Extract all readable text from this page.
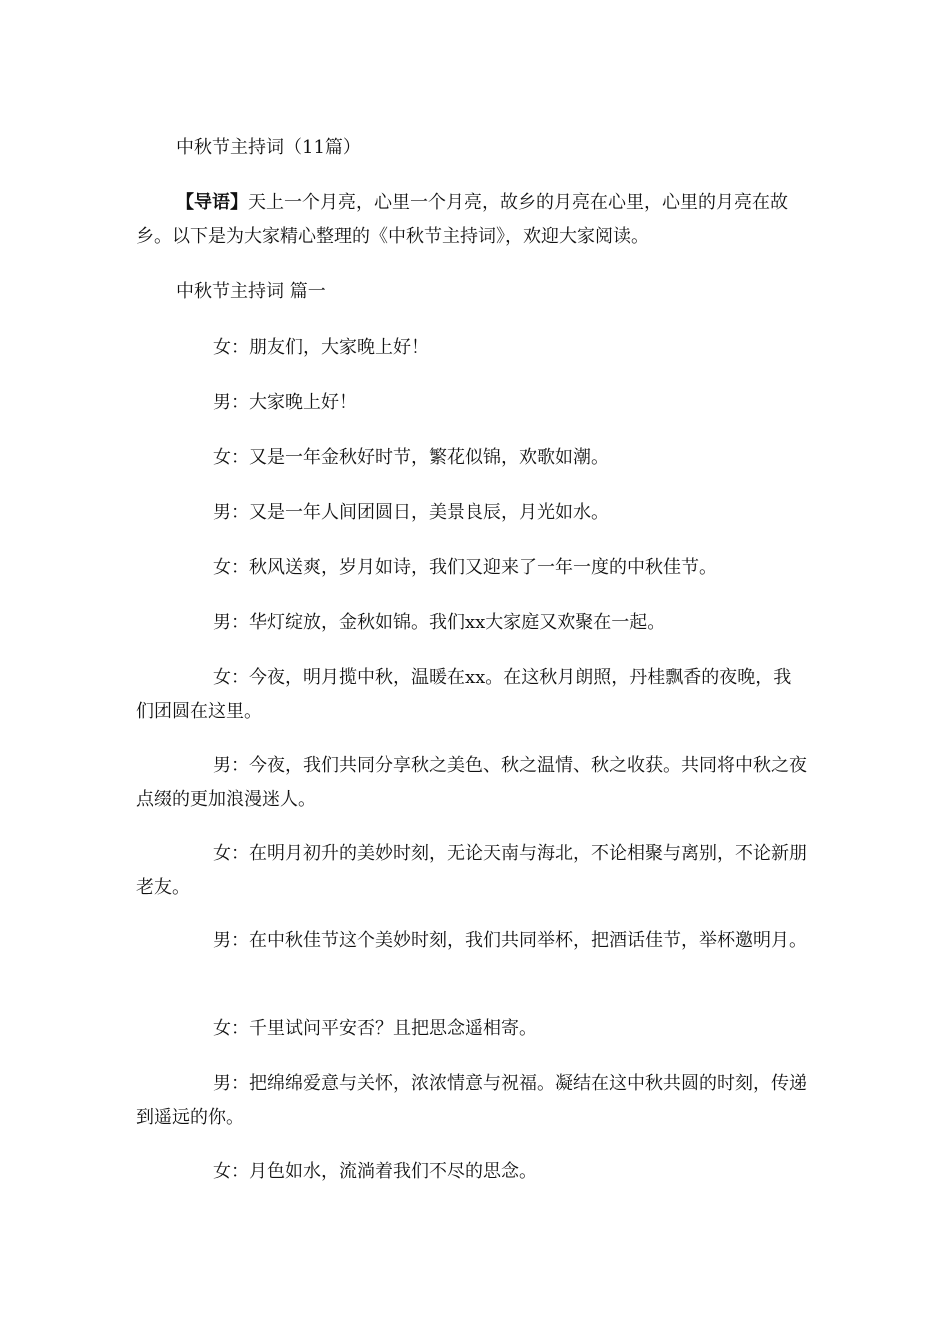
中秋节主持词（11篇）

【导语】天上一个月亮，心里一个月亮，故乡的月亮在心里，心里的月亮在故乡。以下是为大家精心整理的《中秋节主持词》，欢迎大家阅读。

中秋节主持词 篇一

女：朋友们，大家晚上好！

男：大家晚上好！

女：又是一年金秋好时节，繁花似锦，欢歌如潮。

男：又是一年人间团圆日，美景良辰，月光如水。

女：秋风送爽，岁月如诗，我们又迎来了一年一度的中秋佳节。

男：华灯绽放，金秋如锦。我们xx大家庭又欢聚在一起。

女：今夜，明月揽中秋，温暖在xx。在这秋月朗照，丹桂飘香的夜晚，我们团圆在这里。

男：今夜，我们共同分享秋之美色、秋之温情、秋之收获。共同将中秋之夜点缀的更加浪漫迷人。

女：在明月初升的美妙时刻，无论天南与海北，不论相聚与离别，不论新朋老友。

男：在中秋佳节这个美妙时刻，我们共同举杯，把酒话佳节，举杯邀明月。

女：千里试问平安否？且把思念遥相寄。

男：把绵绵爱意与关怀，浓浓情意与祝福。凝结在这中秋共圆的时刻，传递到遥远的你。

女：月色如水，流淌着我们不尽的思念。
